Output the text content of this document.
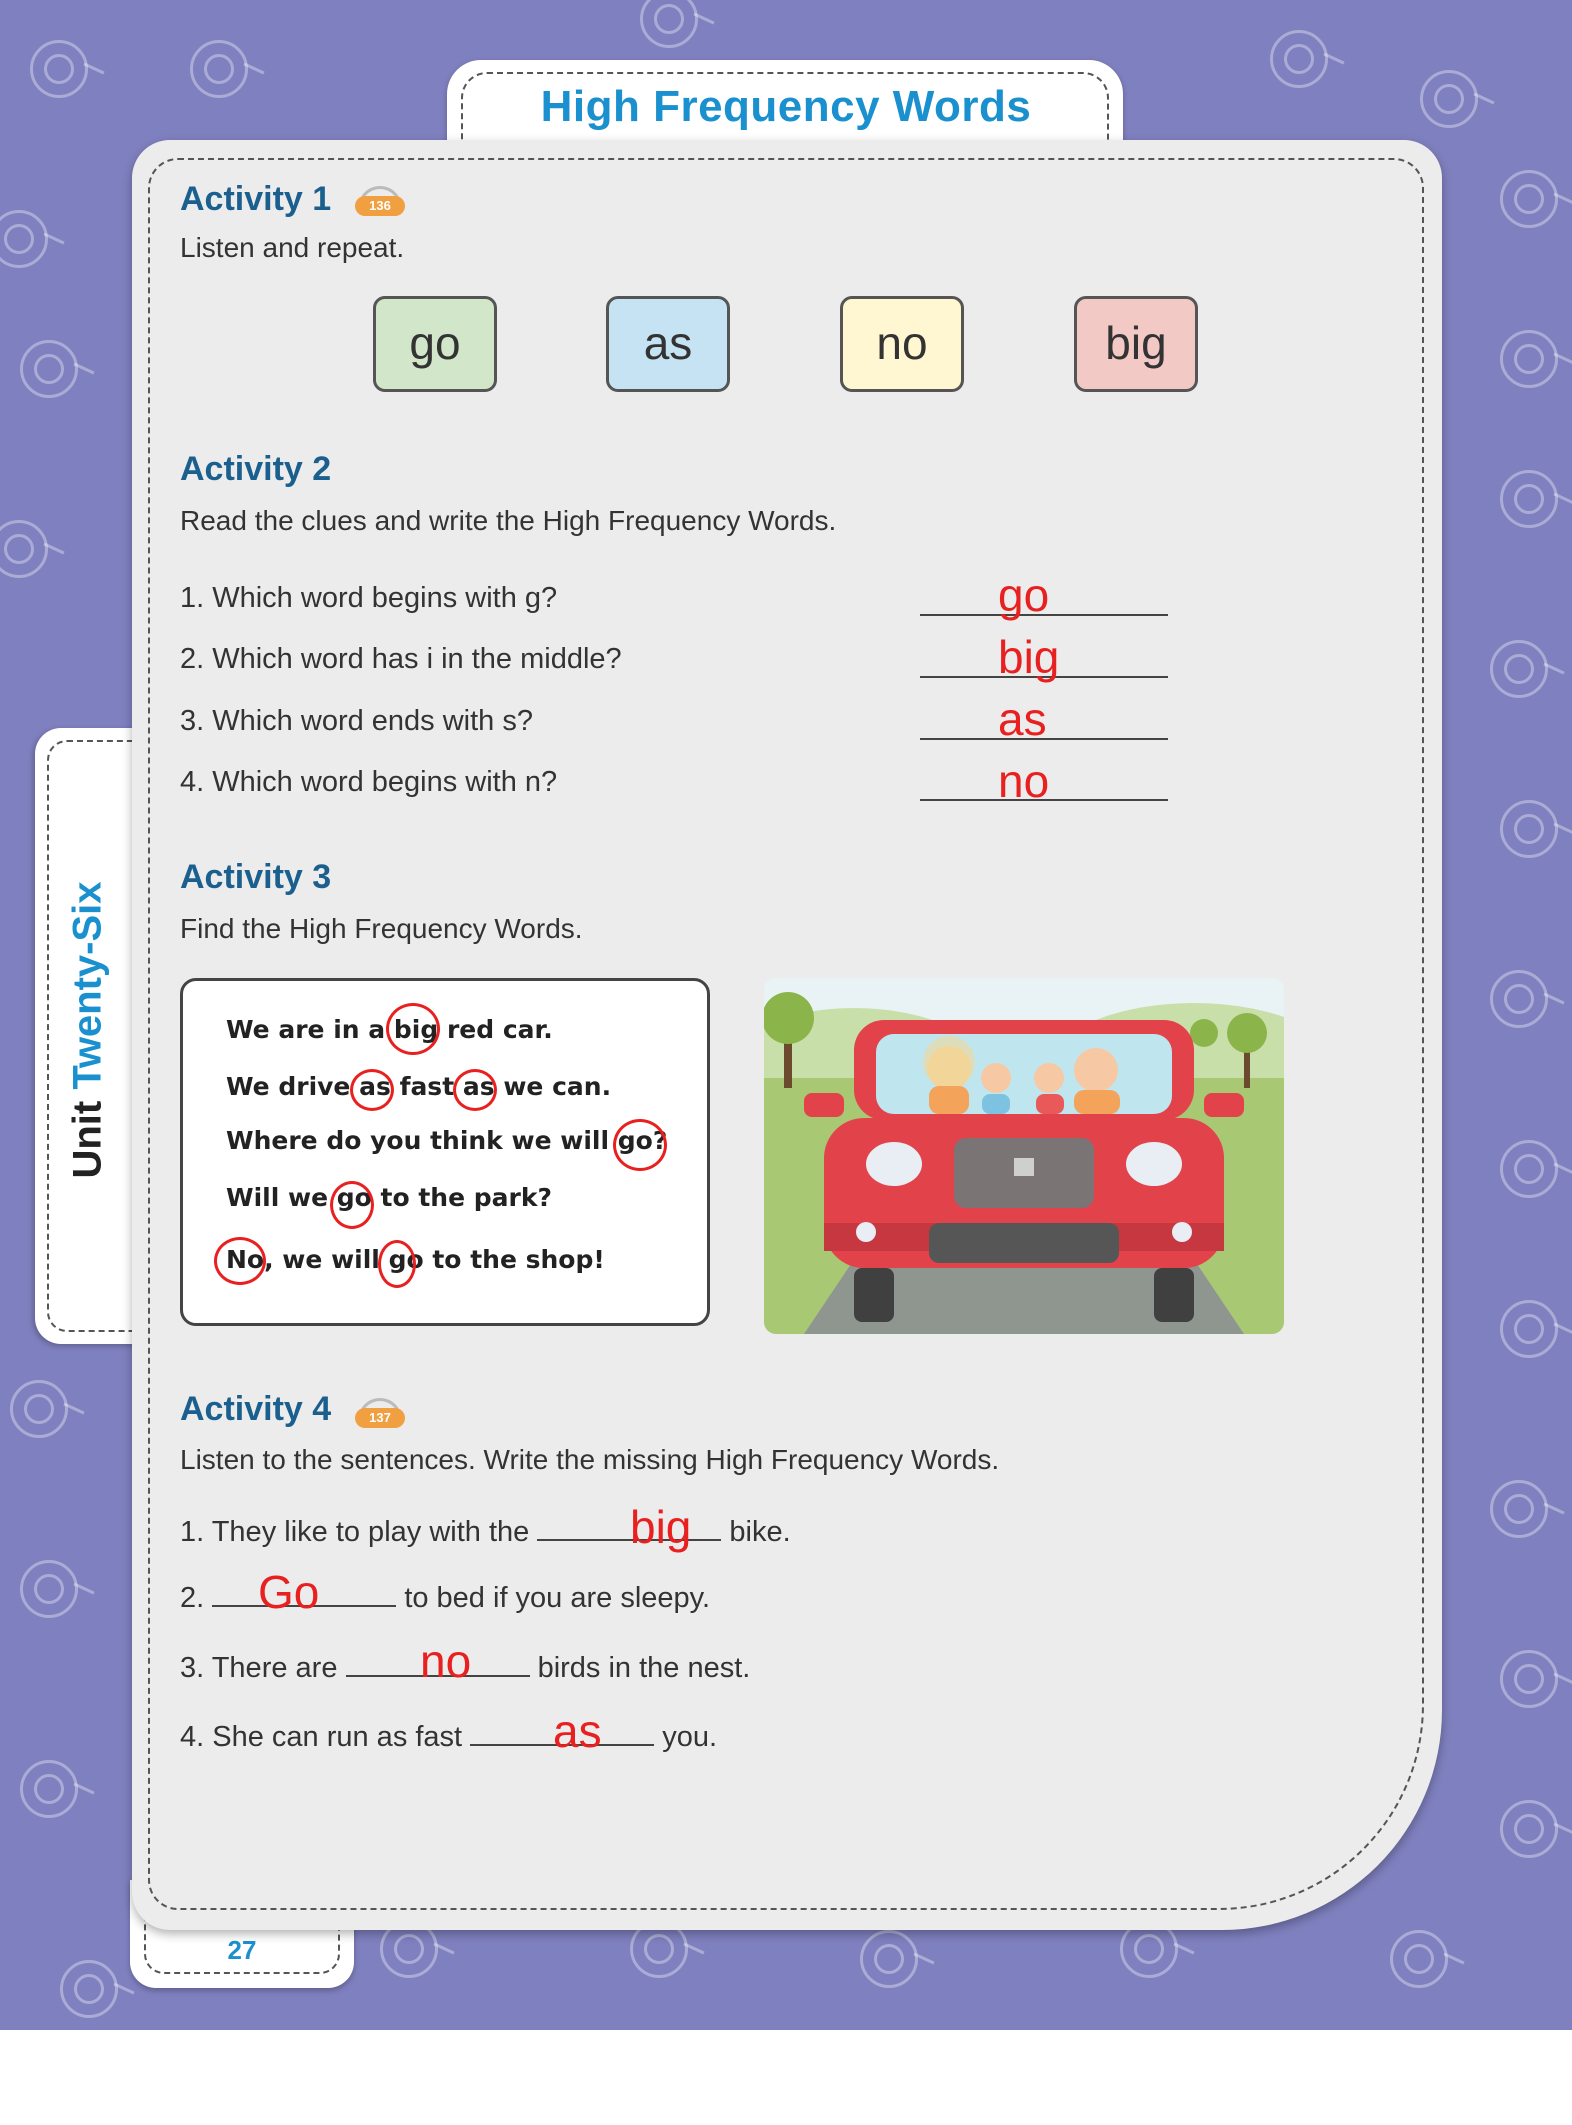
High Frequency Words
Unit Twenty-Six
27
Activity 1	136
Listen and repeat.
go	as	no	big
Activity 2
Read the clues and write the High Frequency Words.
1. Which word begins with g?	go
2. Which word has i in the middle?	big
3. Which word ends with s?	as
4. Which word begins with n?	no
Activity 3
Find the High Frequency Words.
We are in a big red car.
We drive as fast as we can.
Where do you think we will go?
Will we go to the park?
No, we will go to the shop!
Activity 4	137
Listen to the sentences. Write the missing High Frequency Words.
1. They like to play with the	bike.
big
2.	to bed if you are sleepy.
Go
3. There are	birds in the nest.
no
4. She can run as fast	you.
as
